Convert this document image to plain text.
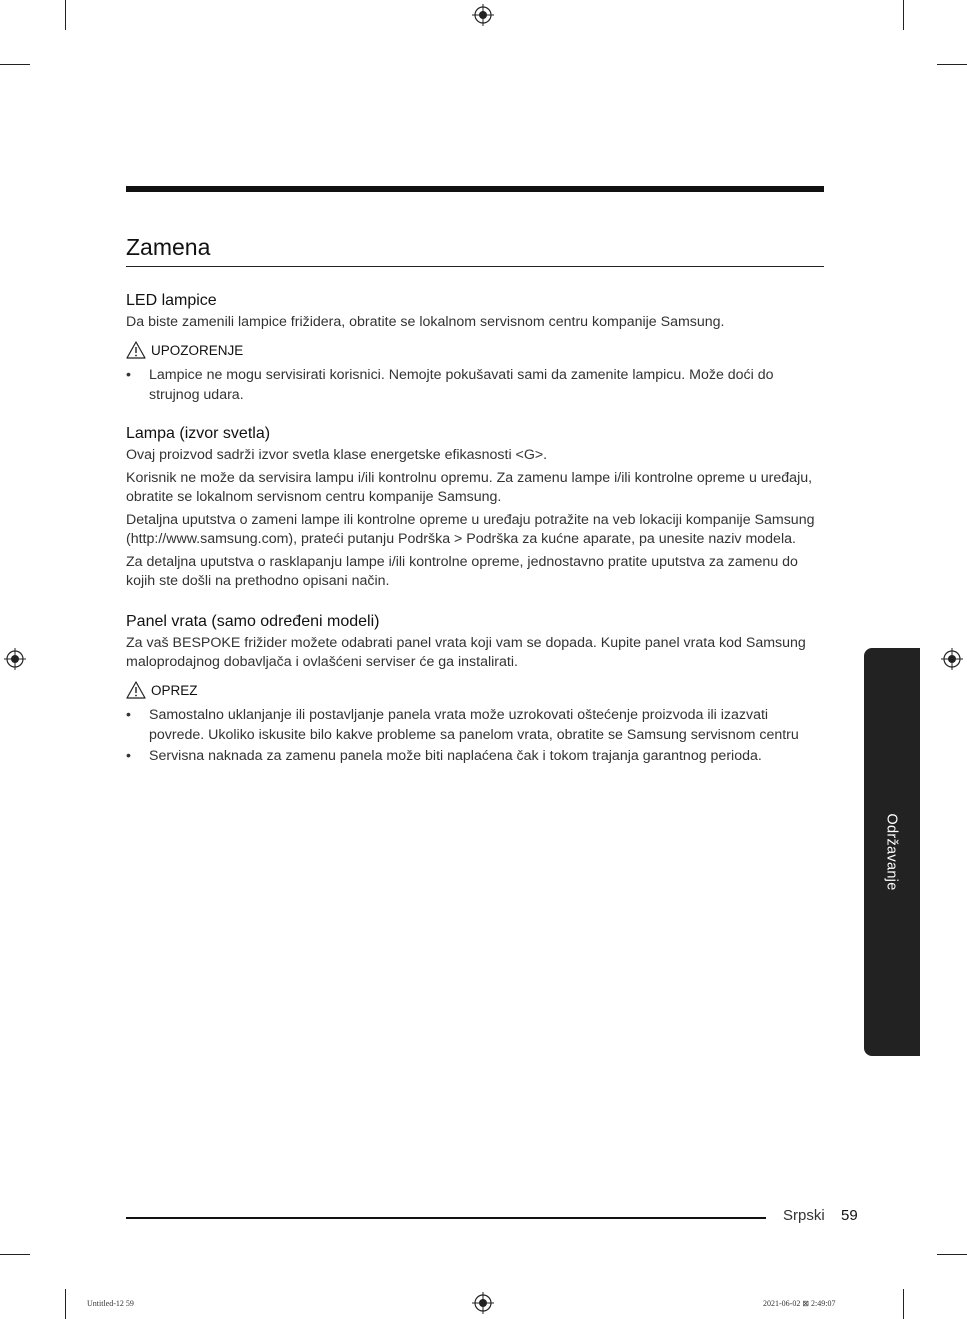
Zamena
LED lampice

Da biste zamenili lampice frižidera, obratite se lokalnom servisnom centru kompanije Samsung.

UPOZORENJE
• Lampice ne mogu servisirati korisnici. Nemojte pokušavati sami da zamenite lampicu. Može doći do strujnog udara.
Lampa (izvor svetla)

Ovaj proizvod sadrži izvor svetla klase energetske efikasnosti <G>.

Korisnik ne može da servisira lampu i/ili kontrolnu opremu. Za zamenu lampe i/ili kontrolne opreme u uređaju, obratite se lokalnom servisnom centru kompanije Samsung.

Detaljna uputstva o zameni lampe ili kontrolne opreme u uređaju potražite na veb lokaciji kompanije Samsung (http://www.samsung.com), prateći putanju Podrška > Podrška za kućne aparate, pa unesite naziv modela.

Za detaljna uputstva o rasklapanju lampe i/ili kontrolne opreme, jednostavno pratite uputstva za zamenu do kojih ste došli na prethodno opisani način.

Panel vrata (samo određeni modeli)

Za vaš BESPOKE frižider možete odabrati panel vrata koji vam se dopada. Kupite panel vrata kod Samsung maloprodajnog dobavljača i ovlašćeni serviser će ga instalirati.

OPREZ
• Samostalno uklanjanje ili postavljanje panela vrata može uzrokovati oštećenje proizvoda ili izazvati povrede. Ukoliko iskusite bilo kakve probleme sa panelom vrata, obratite se Samsung servisnom centru
• Servisna naknada za zamenu panela može biti naplaćena čak i tokom trajanja garantnog perioda.
Održavanje
Srpski 59
Untitled-12 59	2021-06-02 ⊠ 2:49:07
